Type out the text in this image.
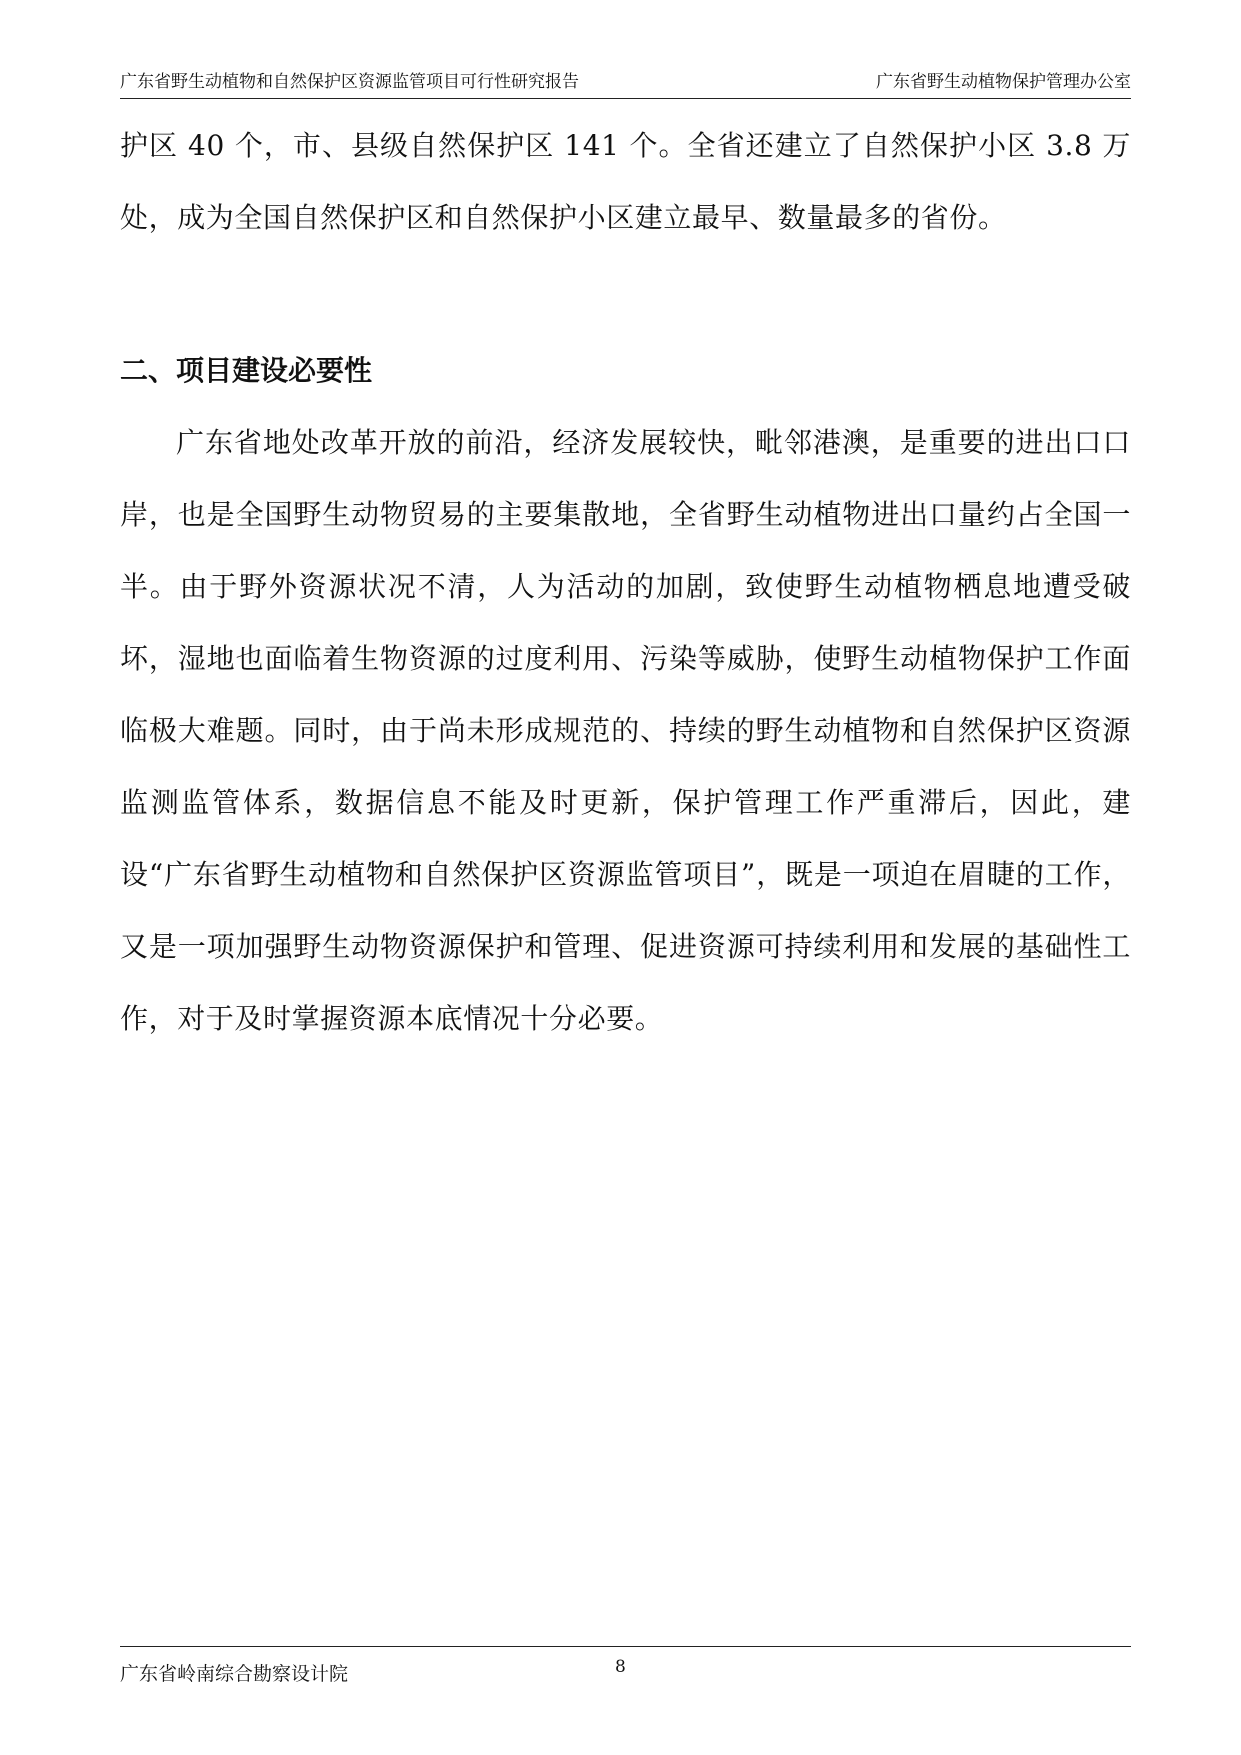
广东省野生动植物和自然保护区资源监管项目可行性研究报告	广东省野生动植物保护管理办公室

护区 40 个，市、县级自然保护区 141 个。全省还建立了自然保护小区 3.8 万处，成为全国自然保护区和自然保护小区建立最早、数量最多的省份。

二、项目建设必要性

广东省地处改革开放的前沿，经济发展较快，毗邻港澳，是重要的进出口口岸，也是全国野生动物贸易的主要集散地，全省野生动植物进出口量约占全国一半。由于野外资源状况不清，人为活动的加剧，致使野生动植物栖息地遭受破坏，湿地也面临着生物资源的过度利用、污染等威胁，使野生动植物保护工作面临极大难题。同时，由于尚未形成规范的、持续的野生动植物和自然保护区资源监测监管体系，数据信息不能及时更新，保护管理工作严重滞后，因此，建设“广东省野生动植物和自然保护区资源监管项目”，既是一项迫在眉睫的工作，又是一项加强野生动物资源保护和管理、促进资源可持续利用和发展的基础性工作，对于及时掌握资源本底情况十分必要。

广东省岭南综合勘察设计院	8
